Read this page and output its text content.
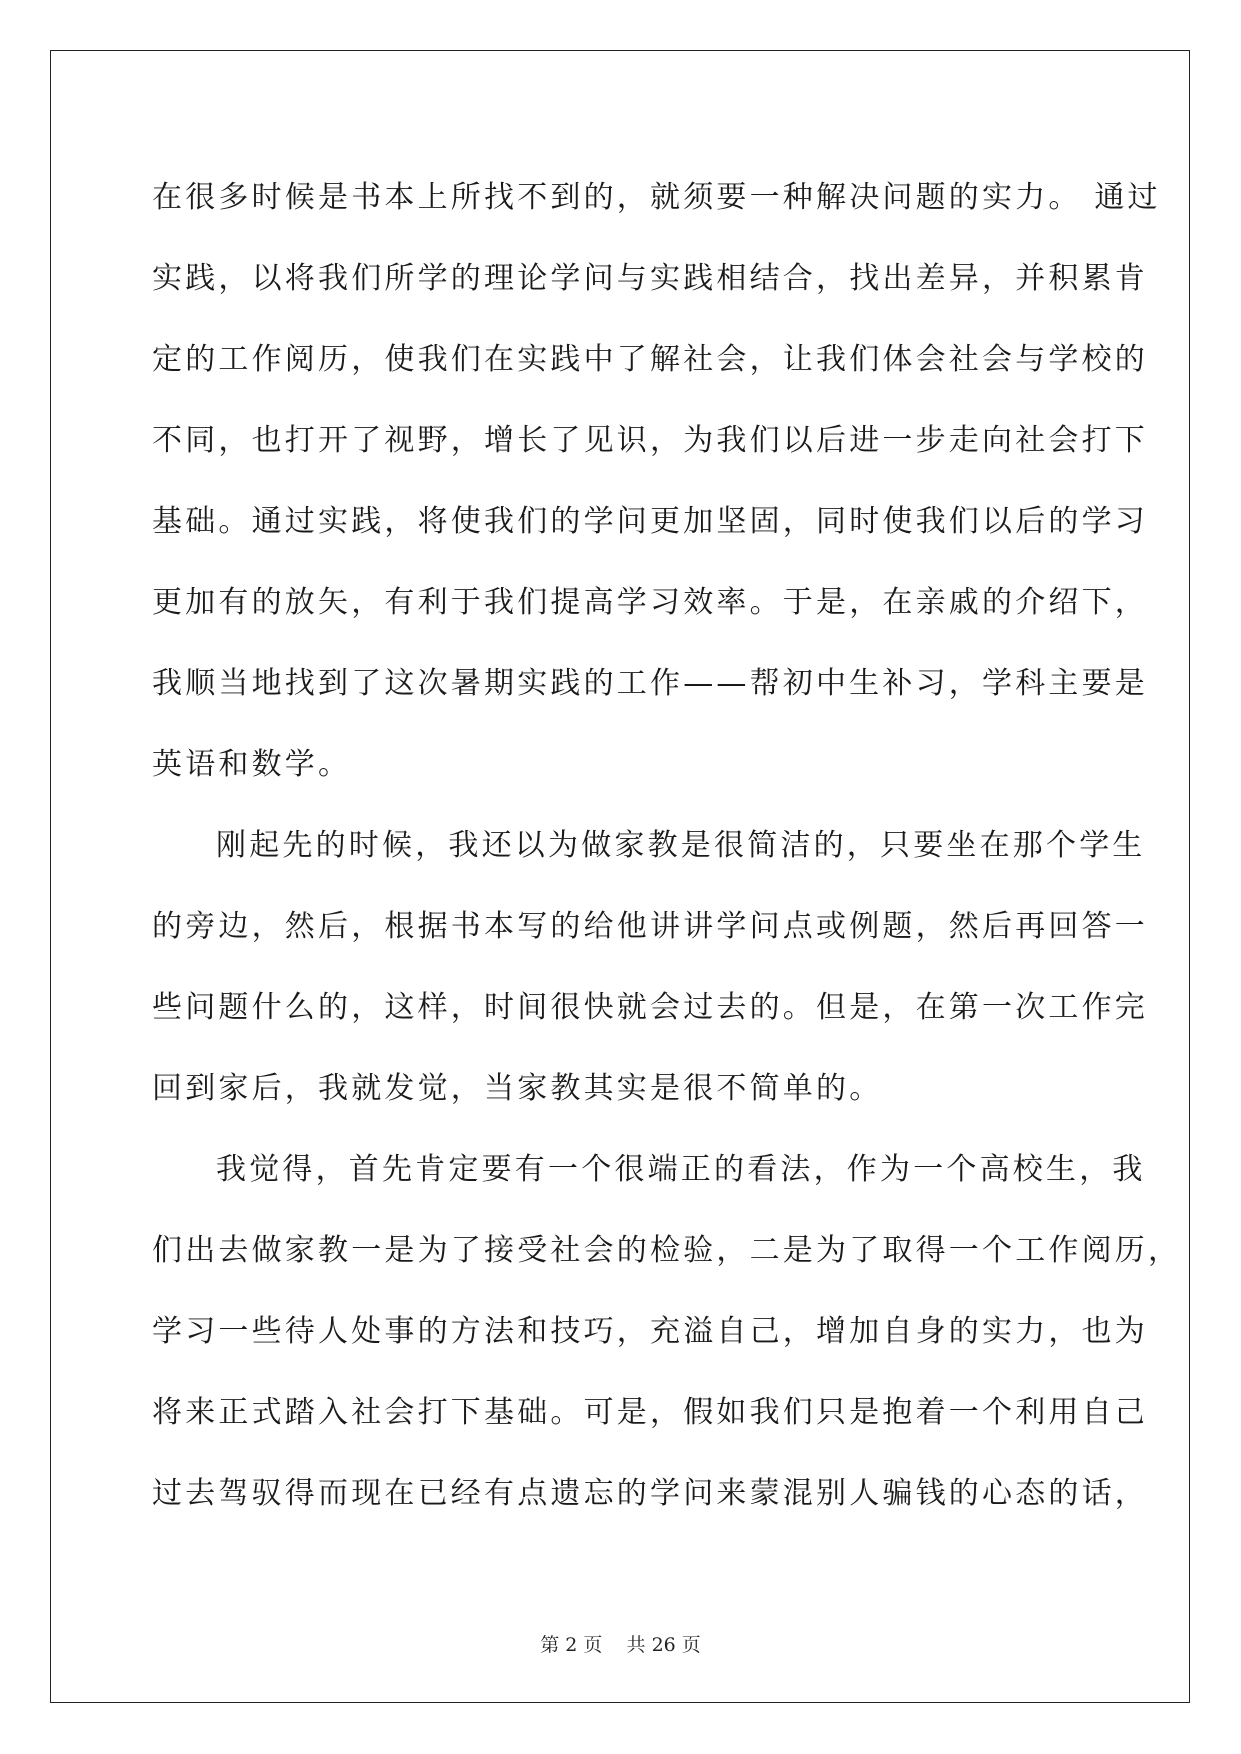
在很多时候是书本上所找不到的，就须要一种解决问题的实力。 通过
实践，以将我们所学的理论学问与实践相结合，找出差异，并积累肯
定的工作阅历，使我们在实践中了解社会，让我们体会社会与学校的
不同，也打开了视野，增长了见识，为我们以后进一步走向社会打下
基础。通过实践，将使我们的学问更加坚固，同时使我们以后的学习
更加有的放矢，有利于我们提高学习效率。于是，在亲戚的介绍下，
我顺当地找到了这次暑期实践的工作——帮初中生补习，学科主要是
英语和数学。
刚起先的时候，我还以为做家教是很简洁的，只要坐在那个学生
的旁边，然后，根据书本写的给他讲讲学问点或例题，然后再回答一
些问题什么的，这样，时间很快就会过去的。但是，在第一次工作完
回到家后，我就发觉，当家教其实是很不简单的。
我觉得，首先肯定要有一个很端正的看法，作为一个高校生，我
们出去做家教一是为了接受社会的检验，二是为了取得一个工作阅历，
学习一些待人处事的方法和技巧，充溢自己，增加自身的实力，也为
将来正式踏入社会打下基础。可是，假如我们只是抱着一个利用自己
过去驾驭得而现在已经有点遗忘的学问来蒙混别人骗钱的心态的话，
第 2 页    共 26 页
